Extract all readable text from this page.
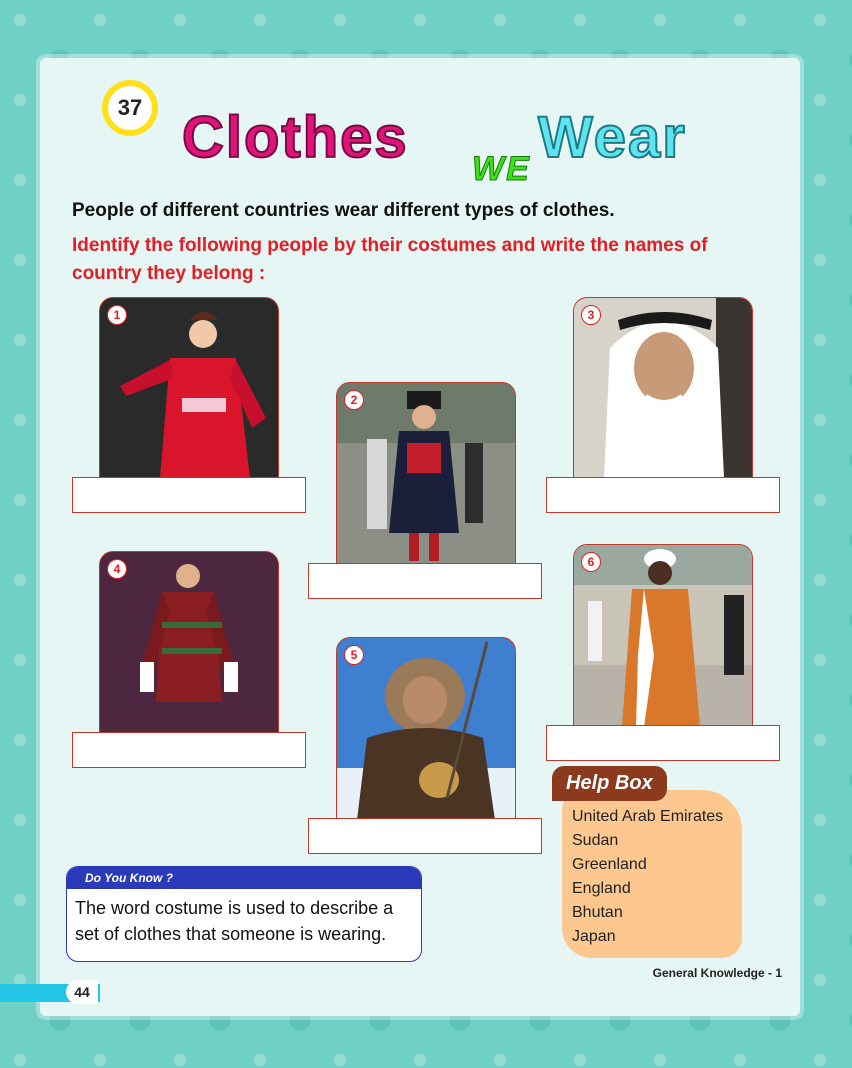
37 Clothes WE Wear
People of different countries wear different types of clothes.
Identify the following people by their costumes and write the names of country they belong :
1
2
3
4
5
6
United Arab Emirates
Sudan
Greenland
England
Bhutan
Japan
Help Box
Do You Know ?
The word costume is used to describe a set of clothes that someone is wearing.
General Knowledge - 1
44
